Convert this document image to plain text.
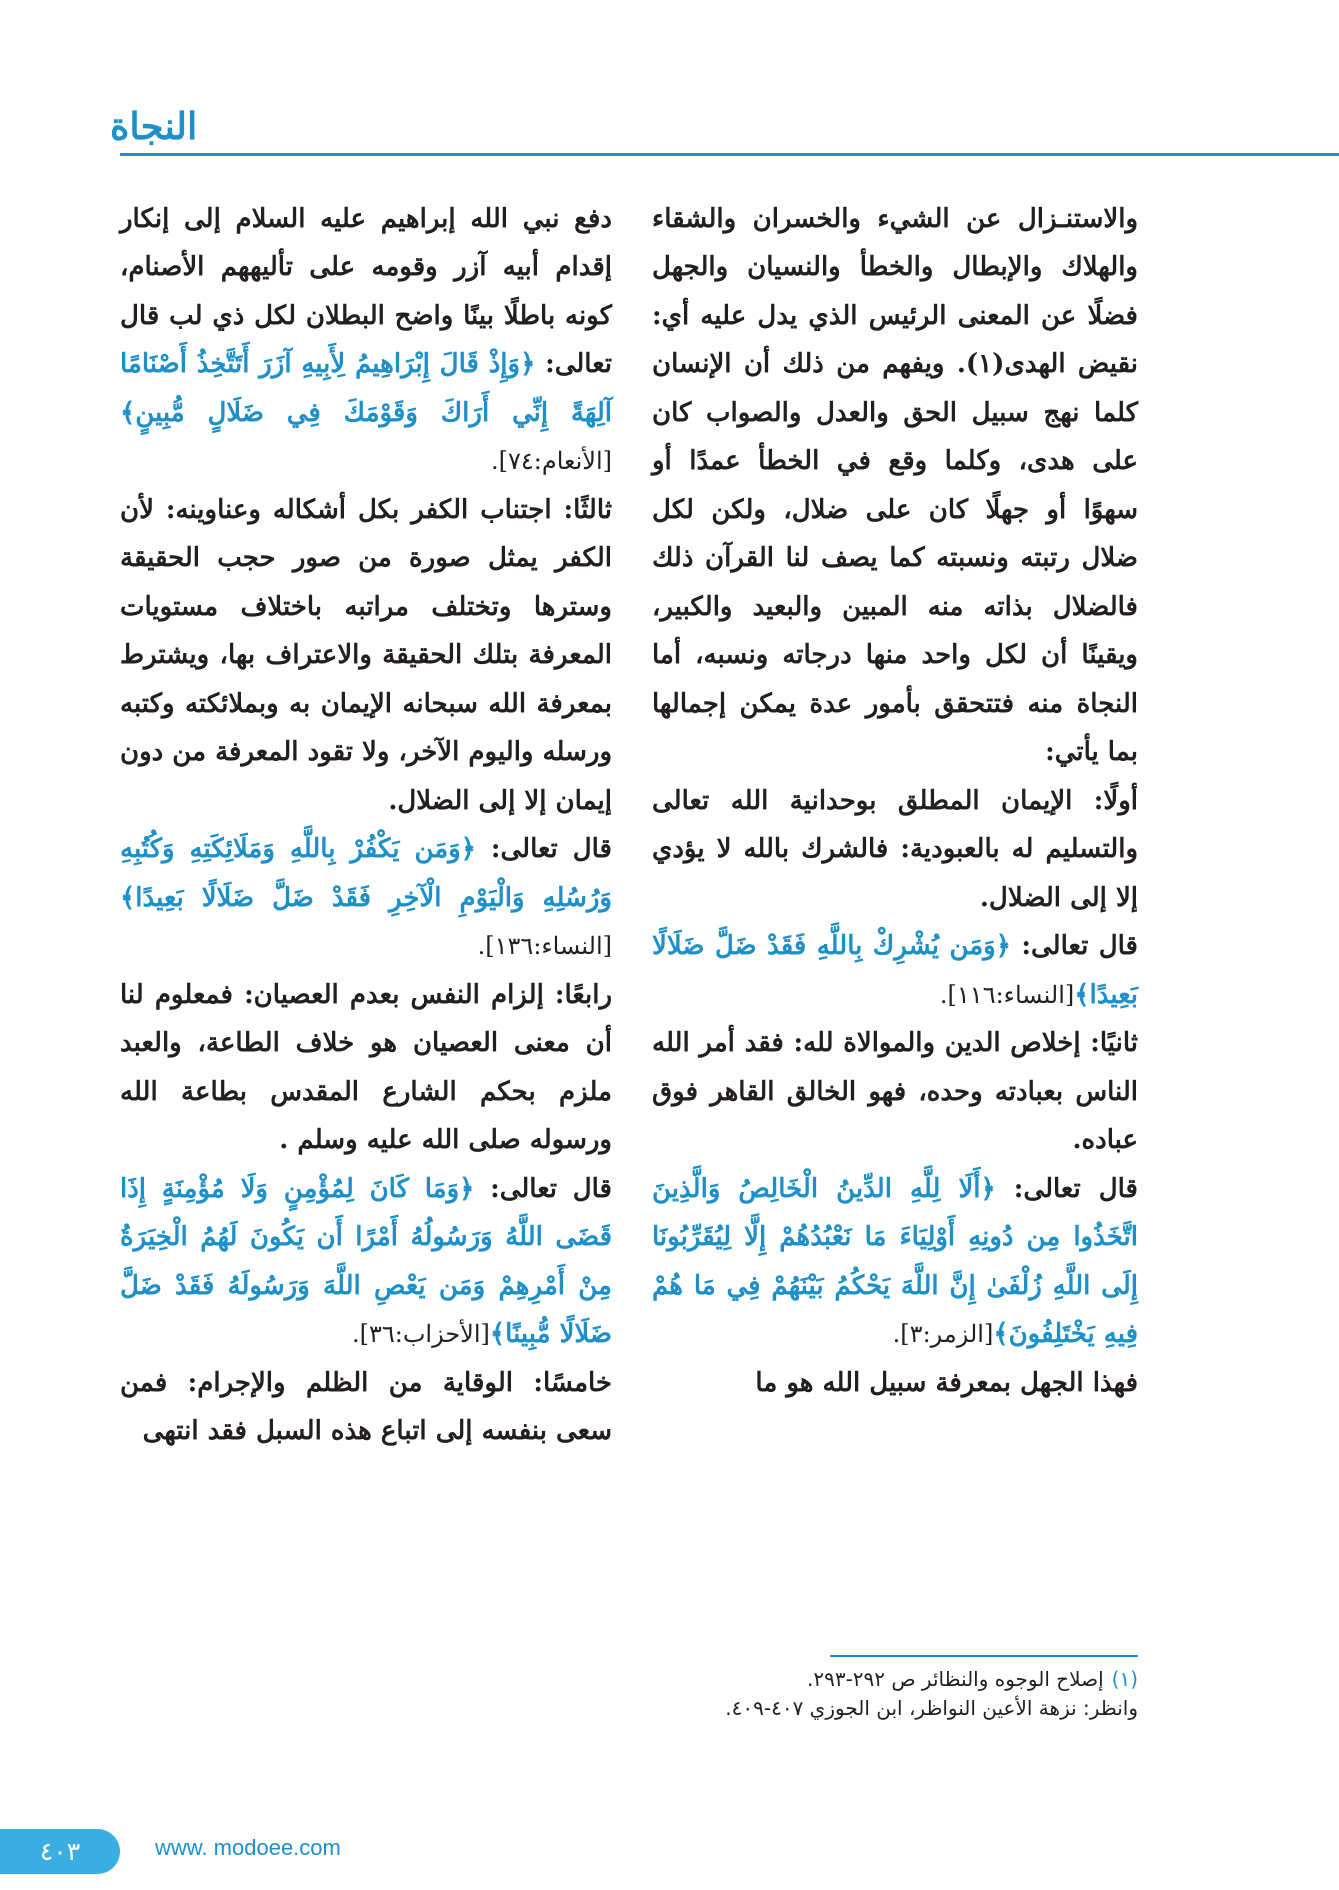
النجاة

والاستنـزال عن الشيء والخسران والشقاء والهلاك والإبطال والخطأ والنسيان والجهل فضلًا عن المعنى الرئيس الذي يدل عليه أي: نقيض الهدى(١). ويفهم من ذلك أن الإنسان كلما نهج سبيل الحق والعدل والصواب كان على هدى، وكلما وقع في الخطأ عمدًا أو سهوًا أو جهلًا كان على ضلال، ولكن لكل ضلال رتبته ونسبته كما يصف لنا القرآن ذلك فالضلال بذاته منه المبين والبعيد والكبير، ويقينًا أن لكل واحد منها درجاته ونسبه، أما النجاة منه فتتحقق بأمور عدة يمكن إجمالها بما يأتي:

أولًا: الإيمان المطلق بوحدانية الله تعالى والتسليم له بالعبودية: فالشرك بالله لا يؤدي إلا إلى الضلال.

قال تعالى: ﴿وَمَن يُشْرِكْ بِاللَّهِ فَقَدْ ضَلَّ ضَلَالًا بَعِيدًا﴾[النساء:١١٦].

ثانيًا: إخلاص الدين والموالاة لله: فقد أمر الله الناس بعبادته وحده، فهو الخالق القاهر فوق عباده.

قال تعالى: ﴿أَلَا لِلَّهِ الدِّينُ الْخَالِصُ وَالَّذِينَ اتَّخَذُوا مِن دُونِهِ أَوْلِيَاءَ مَا نَعْبُدُهُمْ إِلَّا لِيُقَرِّبُونَا إِلَى اللَّهِ زُلْفَىٰ إِنَّ اللَّهَ يَحْكُمُ بَيْنَهُمْ فِي مَا هُمْ فِيهِ يَخْتَلِفُونَ﴾[الزمر:٣].

فهذا الجهل بمعرفة سبيل الله هو ما

دفع نبي الله إبراهيم عليه السلام إلى إنكار إقدام أبيه آزر وقومه على تأليههم الأصنام، كونه باطلًا بينًا واضح البطلان لكل ذي لب قال تعالى: ﴿وَإِذْ قَالَ إِبْرَاهِيمُ لِأَبِيهِ آزَرَ أَتَتَّخِذُ أَصْنَامًا آلِهَةً إِنِّي أَرَاكَ وَقَوْمَكَ فِي ضَلَالٍ مُّبِينٍ﴾[الأنعام:٧٤].

ثالثًا: اجتناب الكفر بكل أشكاله وعناوينه: لأن الكفر يمثل صورة من صور حجب الحقيقة وسترها وتختلف مراتبه باختلاف مستويات المعرفة بتلك الحقيقة والاعتراف بها، ويشترط بمعرفة الله سبحانه الإيمان به وبملائكته وكتبه ورسله واليوم الآخر، ولا تقود المعرفة من دون إيمان إلا إلى الضلال.

قال تعالى: ﴿وَمَن يَكْفُرْ بِاللَّهِ وَمَلَائِكَتِهِ وَكُتُبِهِ وَرُسُلِهِ وَالْيَوْمِ الْآخِرِ فَقَدْ ضَلَّ ضَلَالًا بَعِيدًا﴾[النساء:١٣٦].

رابعًا: إلزام النفس بعدم العصيان: فمعلوم لنا أن معنى العصيان هو خلاف الطاعة، والعبد ملزم بحكم الشارع المقدس بطاعة الله ورسوله صلى الله عليه وسلم .

قال تعالى: ﴿وَمَا كَانَ لِمُؤْمِنٍ وَلَا مُؤْمِنَةٍ إِذَا قَضَى اللَّهُ وَرَسُولُهُ أَمْرًا أَن يَكُونَ لَهُمُ الْخِيَرَةُ مِنْ أَمْرِهِمْ وَمَن يَعْصِ اللَّهَ وَرَسُولَهُ فَقَدْ ضَلَّ ضَلَالًا مُّبِينًا﴾[الأحزاب:٣٦].

خامسًا: الوقاية من الظلم والإجرام: فمن سعى بنفسه إلى اتباع هذه السبل فقد انتهى

(١)إصلاح الوجوه والنظائر ص ٢٩٢-٢٩٣.
وانظر: نزهة الأعين النواظر، ابن الجوزي ٤٠٧-٤٠٩.
٤٠٣	www. modoee.com
